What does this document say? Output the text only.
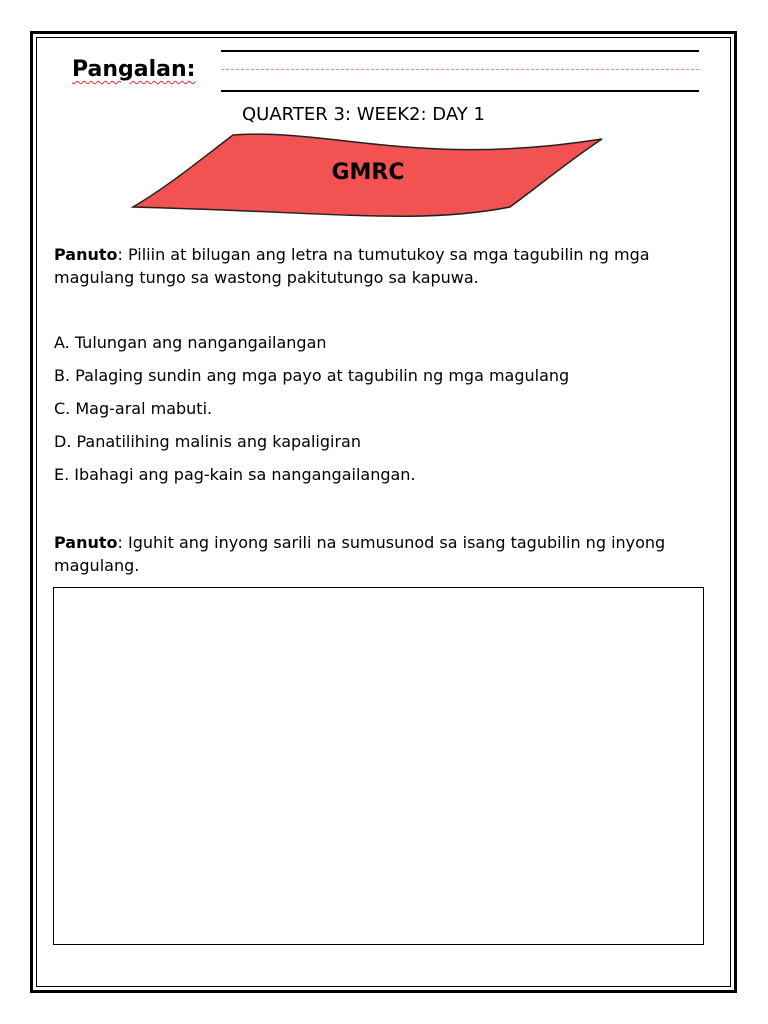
Pangalan:
QUARTER 3: WEEK2: DAY 1
GMRC
Panuto: Piliin at bilugan ang letra na tumutukoy sa mga tagubilin ng mga magulang tungo sa wastong pakitutungo sa kapuwa.
A. Tulungan ang nangangailangan
B. Palaging sundin ang mga payo at tagubilin ng mga magulang
C. Mag-aral mabuti.
D. Panatilihing malinis ang kapaligiran
E. Ibahagi ang pag-kain sa nangangailangan.
Panuto: Iguhit ang inyong sarili na sumusunod sa isang tagubilin ng inyong magulang.
